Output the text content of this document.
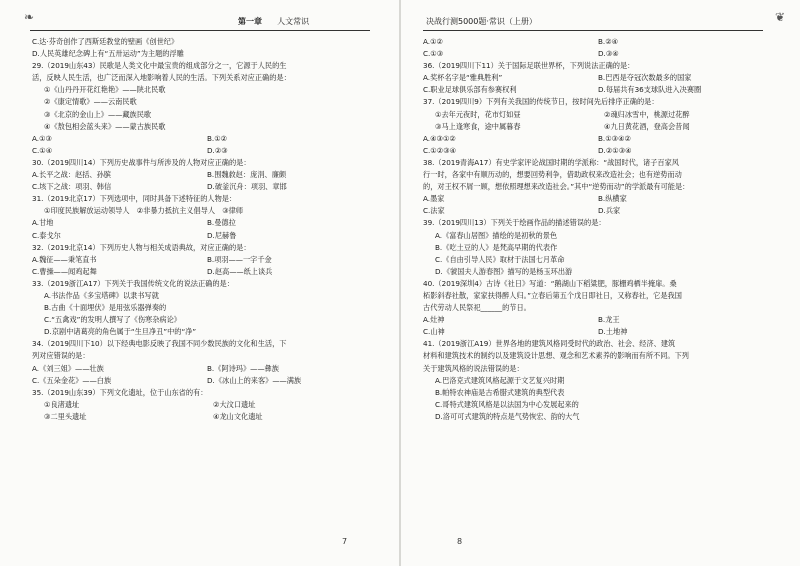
❧	第一章 人文常识
C.达·芬奇创作了西斯廷教堂的壁画《创世纪》
D.人民英雄纪念碑上有“五卅运动”为主题的浮雕
29.（2019山东43）民歌是人类文化中最宝贵的组成部分之一，它源于人民的生
活，反映人民生活，也广泛而深入地影响着人民的生活。下列关系对应正确的是：
①《山丹丹开花红艳艳》——陕北民歌
②《康定情歌》——云南民歌
③《北京的金山上》——藏族民歌
④《敖包相会蓝头来》——蒙古族民歌
A.①③	B.①②
C.①④	D.②③
30.（2019四川14）下列历史战事件与所涉及的人物对应正确的是：
A.长平之战：赵括、孙膑	B.围魏救赵：庞涓、廉颇
C.垓下之战：项羽、韩信	D.破釜沉舟：项羽、章邯
31.（2019北京17）下列选项中，同时具备下述特征的人物是：
①印度民族解放运动领导人　②非暴力抵抗主义倡导人　③律师
A.甘地	B.曼德拉
C.泰戈尔	D.尼赫鲁
32.（2019北京14）下列历史人物与相关成语典故，对应正确的是：
A.魏征——秉笔直书	B.项羽——一字千金
C.曹操——闻鸡起舞	D.赵高——纸上谈兵
33.（2019浙江A17）下列关于我国传统文化的说法正确的是：
A.书法作品《多宝塔碑》以隶书写就
B.古曲《十面埋伏》是用弦乐器弹奏的
C.“五禽戏”的发明人撰写了《伤寒杂病论》
D.京剧中诸葛亮的角色属于“生旦净丑”中的“净”
34.（2019四川下10）以下经典电影反映了我国不同少数民族的文化和生活，下
列对应错误的是：
A.《刘三姐》——壮族	B.《阿诗玛》——彝族
C.《五朵金花》——白族	D.《冰山上的来客》——满族
35.（2019山东39）下列文化遗址，位于山东省的有：
①良渚遗址	②大汶口遗址
③二里头遗址	④龙山文化遗址
7
决战行测5000题·常识（上册）	❦
A.①②	B.②④
C.①③	D.③④
36.（2019四川下11）关于国际足联世界杯，下列说法正确的是：
A.奖杯名字是“雅典胜利”	B.巴西是夺冠次数最多的国家
C.职业足球俱乐部有参赛权利	D.每届共有36支球队进入决赛圈
37.（2019四川9）下列有关我国的传统节日，按时间先后排序正确的是：
①去年元夜时，花市灯如昼	②魂归冰雪中，桃源过花醉
③马上逢寒食，途中属暮春	④九日黄花酒，登高会昔闻
A.④③①②	B.①③④②
C.①②③④	D.②①③④
38.（2019青海A17）有史学家评论战国时期的学派称：“战国时代，诸子百家风
行一时，各家中有顺历动的，想要回势利争，借助政权来改造社会；也有逆势而动
的，对王权不屑一顾，想依照理想来改造社会。”其中“逆势而动”的学派最有可能是：
A.墨家	B.纵横家
C.法家	D.兵家
39.（2019四川13）下列关于绘画作品的描述错误的是：
A.《富春山居图》描绘的是初秋的景色
B.《吃土豆的人》是梵高早期的代表作
C.《自由引导人民》取材于法国七月革命
D.《虢国夫人游春图》描写的是杨玉环出游
40.（2019深圳4）古诗《社日》写道：“鹅湖山下稻粱肥，豚栅鸡栖半掩扉。桑
柘影斜春社散，家家扶得醉人归。”立春后第五个戊日即社日，又称春社，它是我国
古代劳动人民祭祀______的节日。
A.灶神	B.龙王
C.山神	D.土地神
41.（2019浙江A19）世界各地的建筑风格同受时代的政治、社会、经济、建筑
材料和建筑技术的制约以及建筑设计思想、观念和艺术素养的影响而有所不同。下列
关于建筑风格的说法错误的是：
A.巴洛克式建筑风格起源于文艺复兴时期
B.帕特农神庙是古希腊式建筑的典型代表
C.哥特式建筑风格是以法国为中心发展起来的
D.洛可可式建筑的特点是气势恢宏、韵的大气
8
